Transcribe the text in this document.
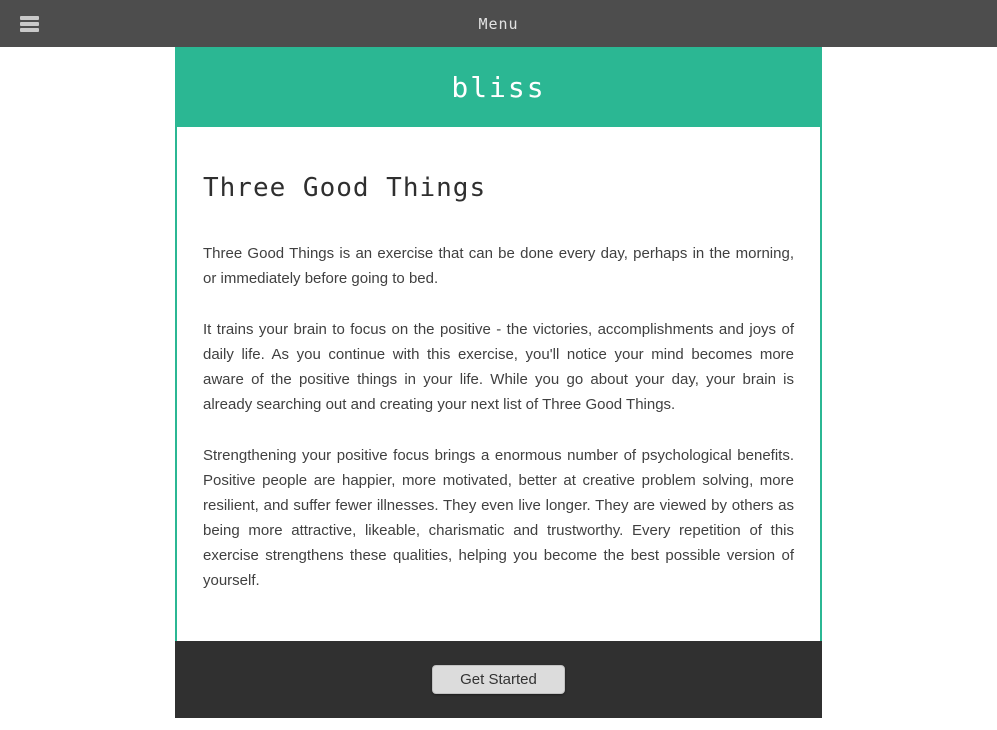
Menu
bliss
Three Good Things

Three Good Things is an exercise that can be done every day, perhaps in the morning, or immediately before going to bed.

It trains your brain to focus on the positive - the victories, accomplishments and joys of daily life. As you continue with this exercise, you'll notice your mind becomes more aware of the positive things in your life. While you go about your day, your brain is already searching out and creating your next list of Three Good Things.

Strengthening your positive focus brings a enormous number of psychological benefits. Positive people are happier, more motivated, better at creative problem solving, more resilient, and suffer fewer illnesses. They even live longer. They are viewed by others as being more attractive, likeable, charismatic and trustworthy. Every repetition of this exercise strengthens these qualities, helping you become the best possible version of yourself.

Get Started
